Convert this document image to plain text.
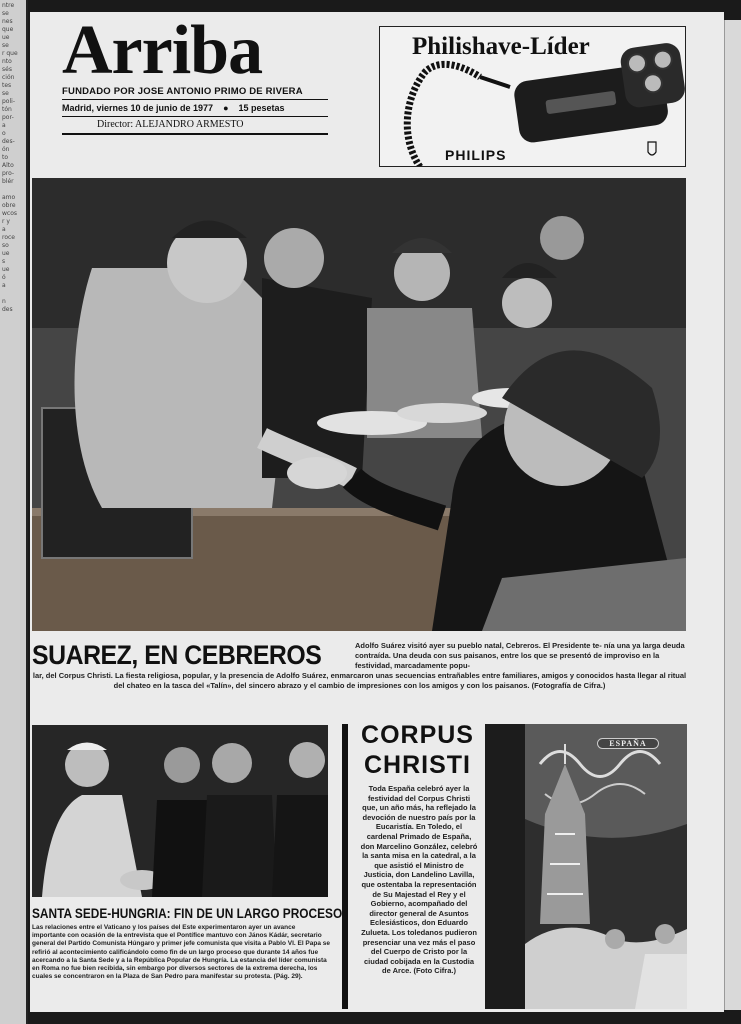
ntre
se
nes
que
ue
se
r que
nto
sés
ción
tes
se
poli-
tón
por-
a
o
des-
ón
to
Alto
pro-
blér

amo
obre
wcos
r y
a
roce
so
ue
s
ue
ó
a

n
des

Arriba
FUNDADO POR JOSE ANTONIO PRIMO DE RIVERA
Madrid, viernes 10 de junio de 1977 ● 15 pesetas
Director: ALEJANDRO ARMESTO
Philishave-Líder
PHILIPS
SUAREZ, EN CEBREROS	Adolfo Suárez visitó ayer su pueblo natal, Cebreros. El Presidente te- nía una ya larga deuda contraída. Una deuda con sus paisanos, entre los que se presentó de improviso en la festividad, marcadamente popu-
lar, del Corpus Christi. La fiesta religiosa, popular, y la presencia de Adolfo Suárez, enmarcaron unas secuencias entrañables entre familiares, amigos y conocidos hasta llegar al ritual del chateo en la tasca del «Talín», del sincero abrazo y el cambio de impresiones con los amigos y con los paisanos. (Fotografía de Cifra.)
SANTA SEDE-HUNGRIA: FIN DE UN LARGO PROCESO
Las relaciones entre el Vaticano y los países del Este experimentaron ayer un avance importante con ocasión de la entrevista que el Pontífice mantuvo con János Kádár, secretario general del Partido Comunista Húngaro y primer jefe comunista que visita a Pablo VI. El Papa se refirió al acontecimiento calificándolo como fin de un largo proceso que durante 14 años fue acercando a la Santa Sede y a la República Popular de Hungría. La estancia del líder comunista en Roma no fue bien recibida, sin embargo por diversos sectores de la extrema derecha, los cuales se concentraron en la Plaza de San Pedro para manifestar su protesta. (Pág. 29).
CORPUS
CHRISTI
Toda España celebró ayer la festividad del Corpus Christi que, un año más, ha reflejado la devoción de nuestro país por la Eucaristía. En Toledo, el cardenal Primado de España, don Marcelino González, celebró la santa misa en la catedral, a la que asistió el Ministro de Justicia, don Landelino Lavilla, que ostentaba la representación de Su Majestad el Rey y el Gobierno, acompañado del director general de Asuntos Eclesiásticos, don Eduardo Zulueta. Los toledanos pudieron presenciar una vez más el paso del Cuerpo de Cristo por la ciudad cobijada en la Custodia de Arce. (Foto Cifra.)
ESPAÑA
